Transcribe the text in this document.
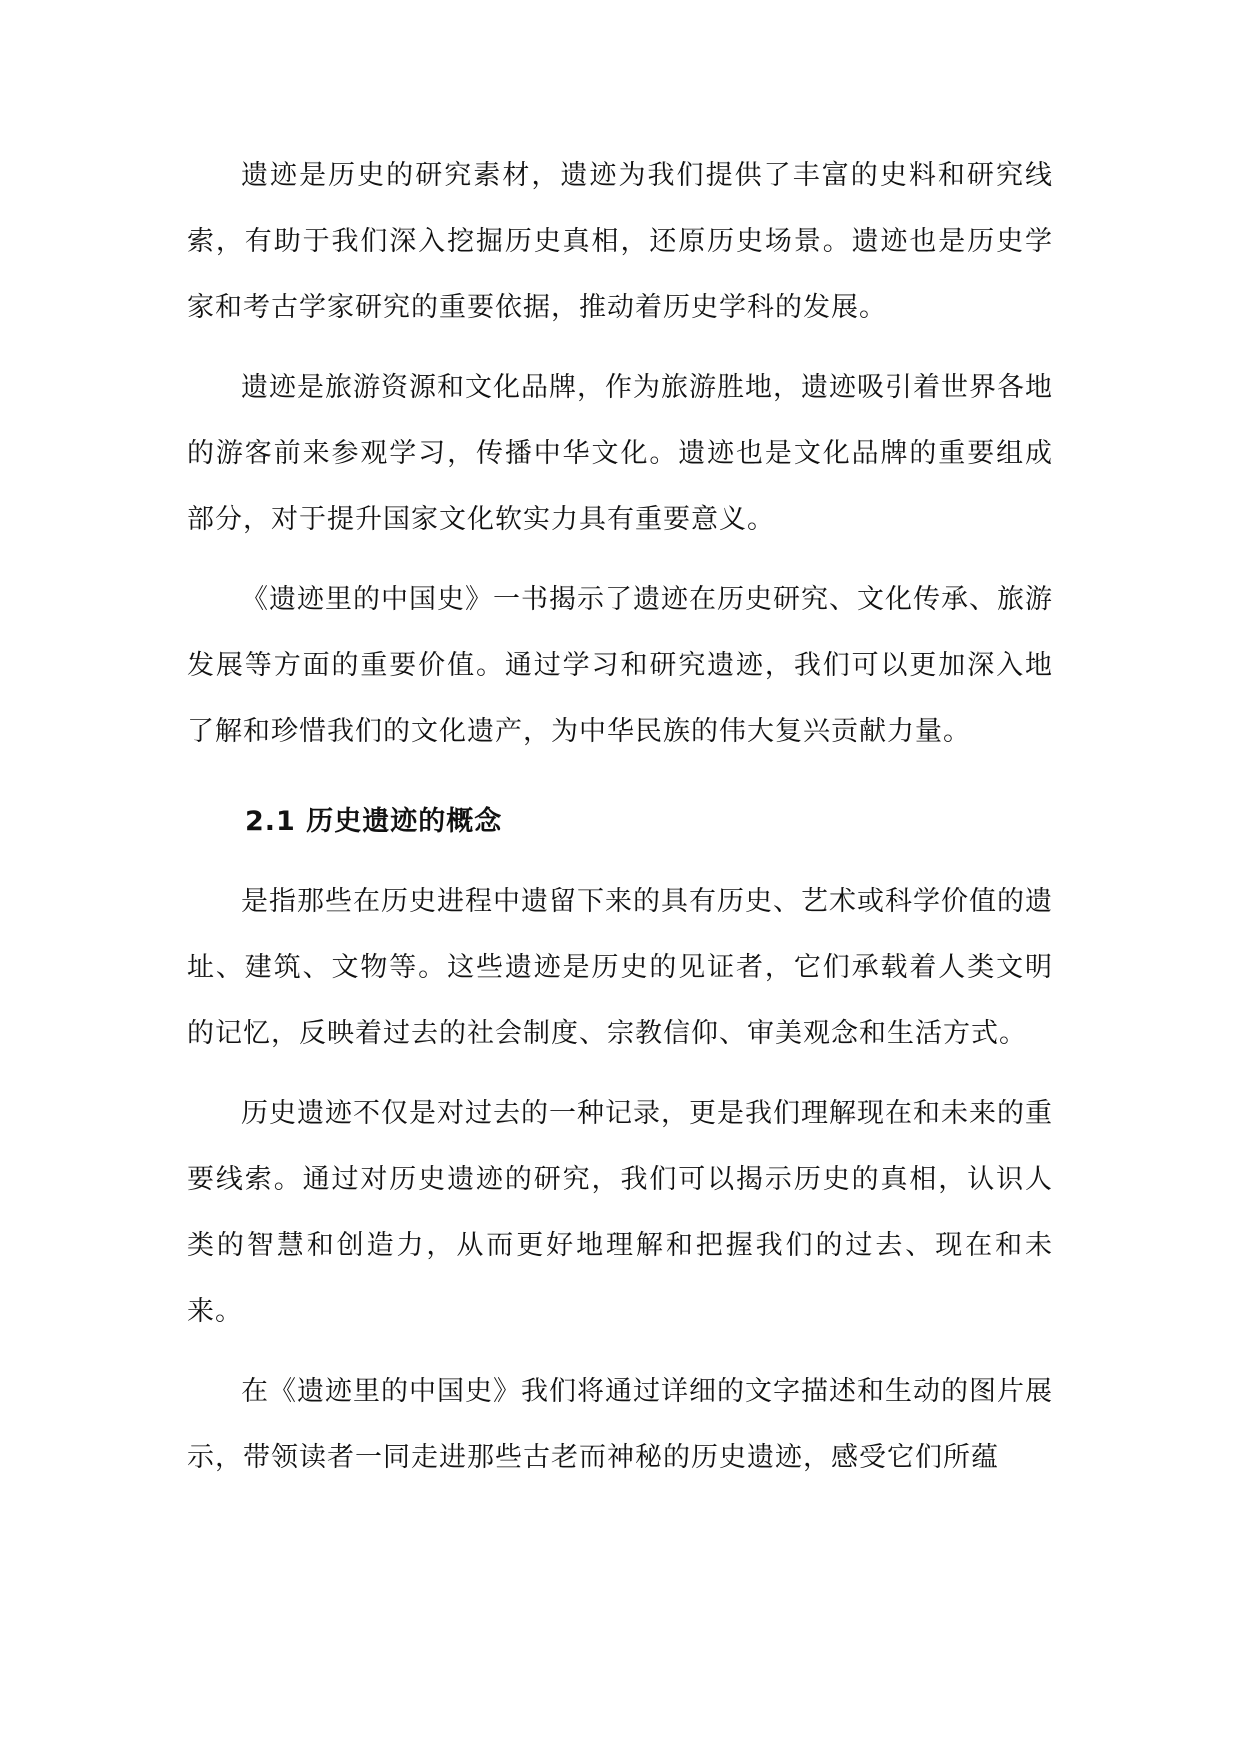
遗迹是历史的研究素材，遗迹为我们提供了丰富的史料和研究线索，有助于我们深入挖掘历史真相，还原历史场景。遗迹也是历史学家和考古学家研究的重要依据，推动着历史学科的发展。

遗迹是旅游资源和文化品牌，作为旅游胜地，遗迹吸引着世界各地的游客前来参观学习，传播中华文化。遗迹也是文化品牌的重要组成部分，对于提升国家文化软实力具有重要意义。

《遗迹里的中国史》一书揭示了遗迹在历史研究、文化传承、旅游发展等方面的重要价值。通过学习和研究遗迹，我们可以更加深入地了解和珍惜我们的文化遗产，为中华民族的伟大复兴贡献力量。

2.1 历史遗迹的概念

是指那些在历史进程中遗留下来的具有历史、艺术或科学价值的遗址、建筑、文物等。这些遗迹是历史的见证者，它们承载着人类文明的记忆，反映着过去的社会制度、宗教信仰、审美观念和生活方式。

历史遗迹不仅是对过去的一种记录，更是我们理解现在和未来的重要线索。通过对历史遗迹的研究，我们可以揭示历史的真相，认识人类的智慧和创造力，从而更好地理解和把握我们的过去、现在和未来。

在《遗迹里的中国史》我们将通过详细的文字描述和生动的图片展示，带领读者一同走进那些古老而神秘的历史遗迹，感受它们所蕴
